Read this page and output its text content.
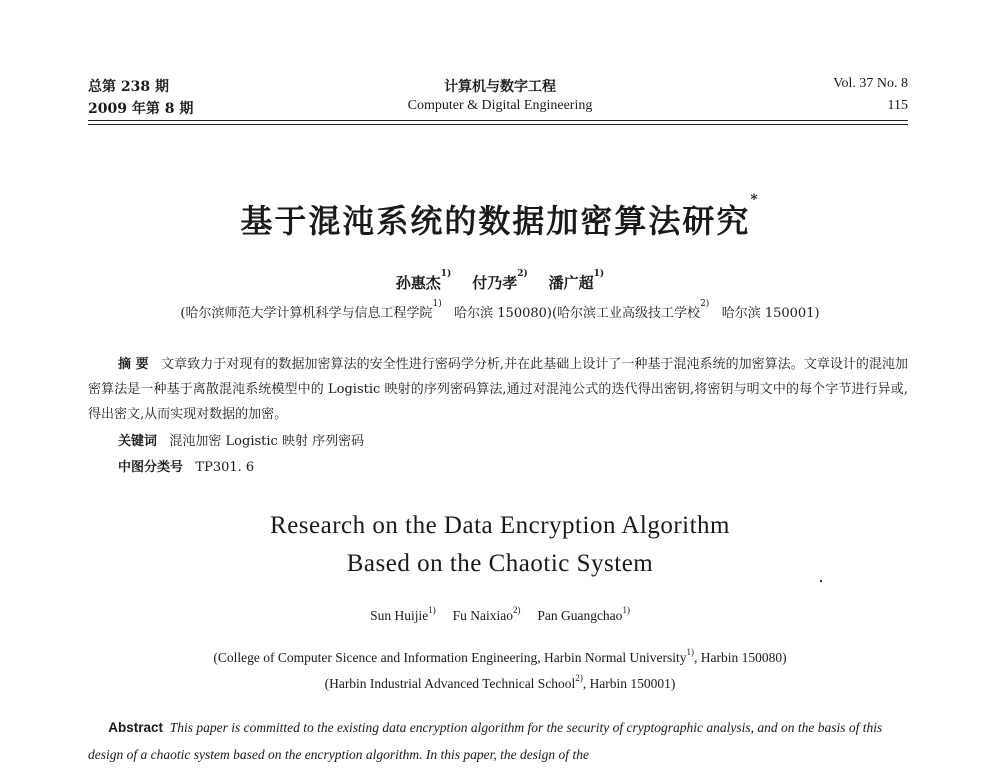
总第 238 期
2009 年第 8 期
计算机与数字工程
Computer & Digital Engineering
Vol. 37 No. 8
115
基于混沌系统的数据加密算法研究*
孙惠杰$^{1)}$ 付乃孝$^{2)}$ 潘广超$^{1)}$
(哈尔滨师范大学计算机科学与信息工程学院$^{1)}$   哈尔滨 150080)(哈尔滨工业高级技工学校$^{2)}$   哈尔滨 150001)
摘 要 文章致力于对现有的数据加密算法的安全性进行密码学分析,并在此基础上设计了一种基于混沌系统的加密算法。文章设计的混沌加密算法是一种基于离散混沌系统模型中的 Logistic 映射的序列密码算法,通过对混沌公式的迭代得出密钥,将密钥与明文中的每个字节进行异或,得出密文,从而实现对数据的加密。
关键词 混沌加密 Logistic 映射 序列密码
中图分类号 TP301. 6
Research on the Data Encryption Algorithm
Based on the Chaotic System
Sun Huijie$^{1)}$ Fu Naixiao$^{2)}$ Pan Guangchao$^{1)}$
(College of Computer Sicence and Information Engineering, Harbin Normal University$^{1)}$, Harbin 150080)
(Harbin Industrial Advanced Technical School$^{2)}$, Harbin 150001)
Abstract This paper is committed to the existing data encryption algorithm for the security of cryptographic analysis, and on the basis of this design of a chaotic system based on the encryption algorithm. In this paper, the design of the
